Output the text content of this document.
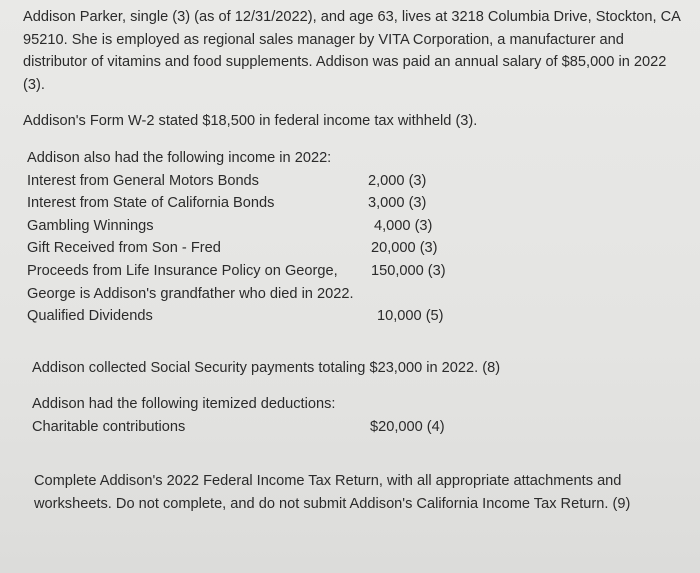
Addison Parker, single (3) (as of 12/31/2022), and age 63, lives at 3218 Columbia Drive, Stockton, CA 95210. She is employed as regional sales manager by VITA Corporation, a manufacturer and distributor of vitamins and food supplements. Addison was paid an annual salary of $85,000 in 2022 (3).

Addison's Form W-2 stated $18,500 in federal income tax withheld (3).

Addison also had the following income in 2022:
Interest from General Motors Bonds	2,000 (3)
Interest from State of California Bonds	3,000 (3)
Gambling Winnings	4,000 (3)
Gift Received from Son - Fred	20,000 (3)
Proceeds from Life Insurance Policy on George, 150,000 (3)
George is Addison's grandfather who died in 2022.
Qualified Dividends	10,000 (5)
Addison collected Social Security payments totaling $23,000 in 2022. (8)
Addison had the following itemized deductions:
Charitable contributions	$20,000 (4)

Complete Addison's 2022 Federal Income Tax Return, with all appropriate attachments and worksheets. Do not complete, and do not submit Addison's California Income Tax Return. (9)
